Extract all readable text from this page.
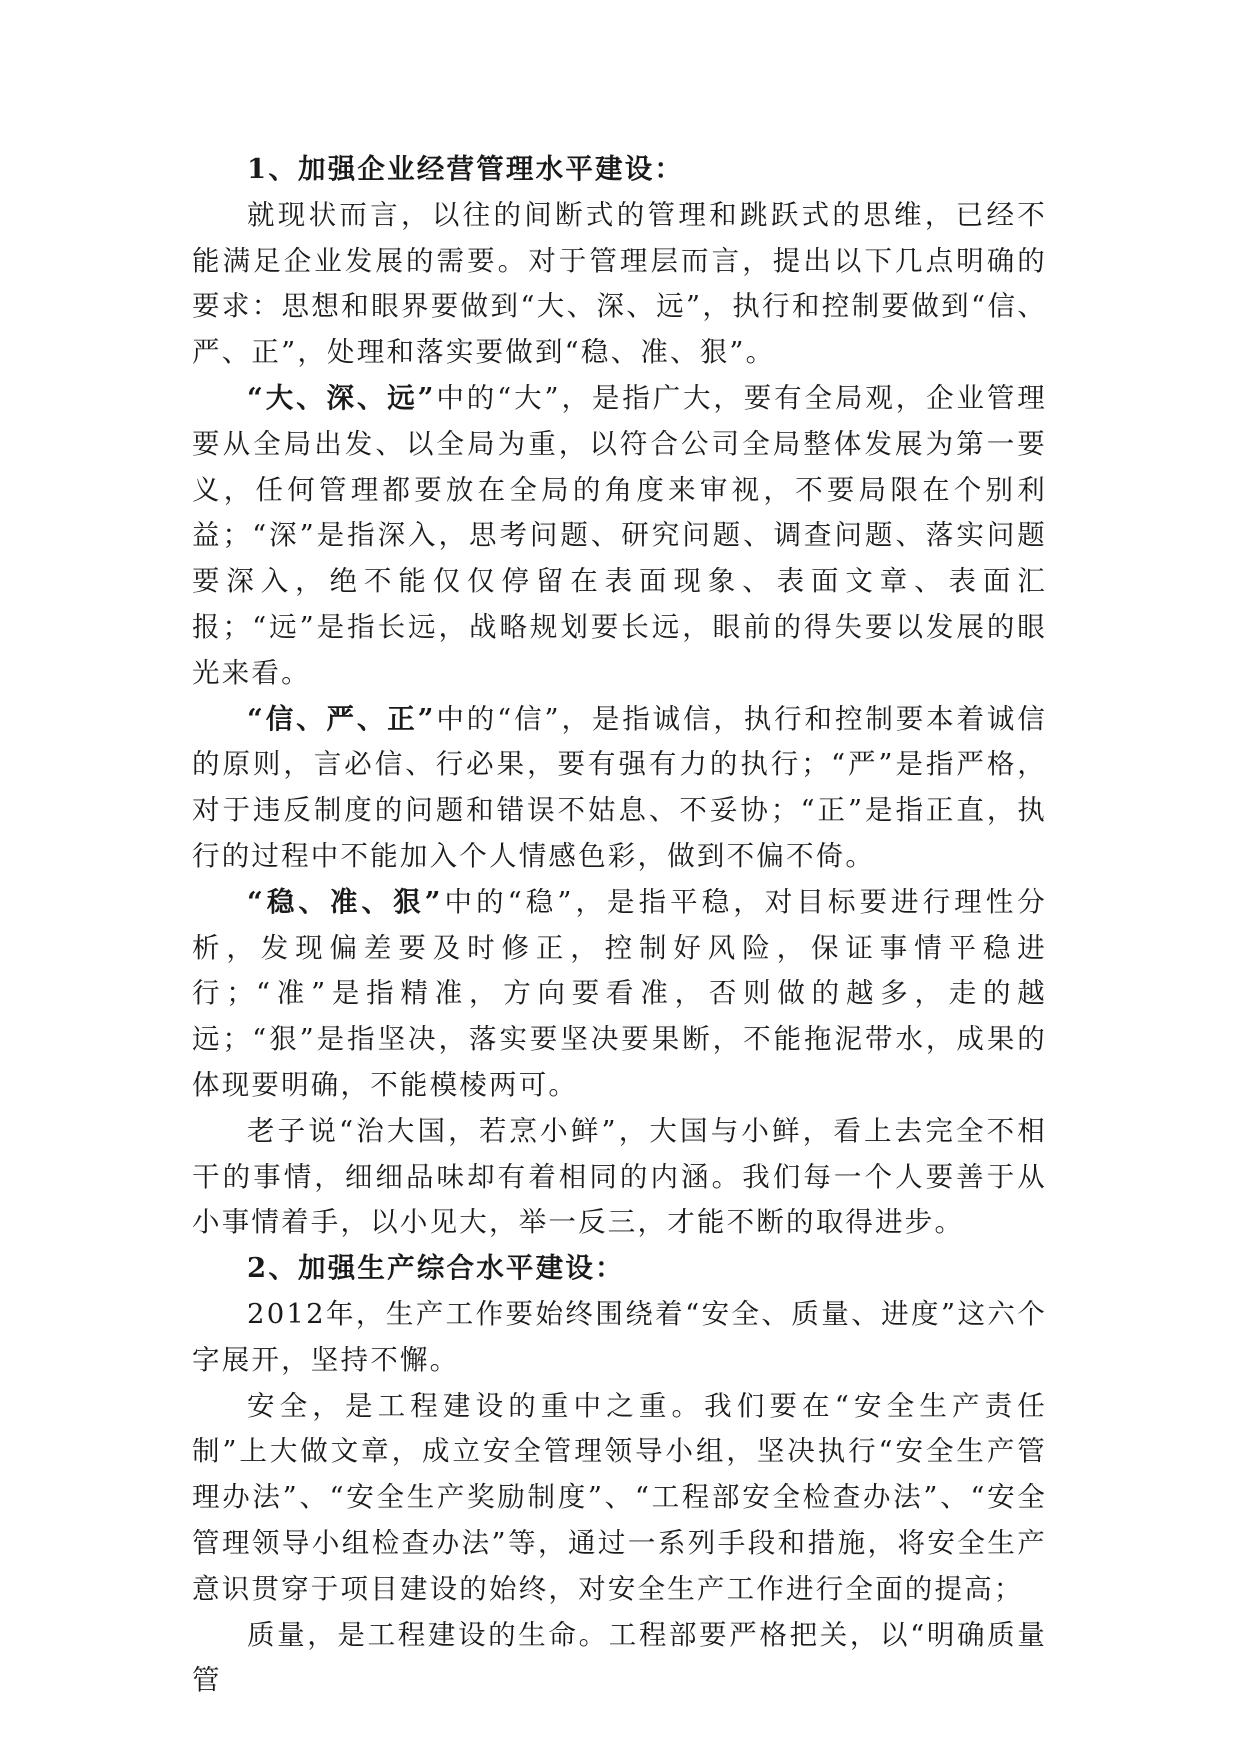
1、加强企业经营管理水平建设：

就现状而言，以往的间断式的管理和跳跃式的思维，已经不能满足企业发展的需要。对于管理层而言，提出以下几点明确的要求：思想和眼界要做到“大、深、远”，执行和控制要做到“信、严、正”，处理和落实要做到“稳、准、狠”。

“大、深、远”中的“大”，是指广大，要有全局观，企业管理要从全局出发、以全局为重，以符合公司全局整体发展为第一要义，任何管理都要放在全局的角度来审视，不要局限在个别利益；“深”是指深入，思考问题、研究问题、调查问题、落实问题要深入，绝不能仅仅停留在表面现象、表面文章、表面汇报；“远”是指长远，战略规划要长远，眼前的得失要以发展的眼光来看。

“信、严、正”中的“信”，是指诚信，执行和控制要本着诚信的原则，言必信、行必果，要有强有力的执行；“严”是指严格，对于违反制度的问题和错误不姑息、不妥协；“正”是指正直，执行的过程中不能加入个人情感色彩，做到不偏不倚。

“稳、准、狠”中的“稳”，是指平稳，对目标要进行理性分析，发现偏差要及时修正，控制好风险，保证事情平稳进行；“准”是指精准，方向要看准，否则做的越多，走的越远；“狠”是指坚决，落实要坚决要果断，不能拖泥带水，成果的体现要明确，不能模棱两可。

老子说“治大国，若烹小鲜”，大国与小鲜，看上去完全不相干的事情，细细品味却有着相同的内涵。我们每一个人要善于从小事情着手，以小见大，举一反三，才能不断的取得进步。

2、加强生产综合水平建设：

2012年，生产工作要始终围绕着“安全、质量、进度”这六个字展开，坚持不懈。

安全，是工程建设的重中之重。我们要在“安全生产责任制”上大做文章，成立安全管理领导小组，坚决执行“安全生产管理办法”、“安全生产奖励制度”、“工程部安全检查办法”、“安全管理领导小组检查办法”等，通过一系列手段和措施，将安全生产意识贯穿于项目建设的始终，对安全生产工作进行全面的提高；

质量，是工程建设的生命。工程部要严格把关，以“明确质量管
